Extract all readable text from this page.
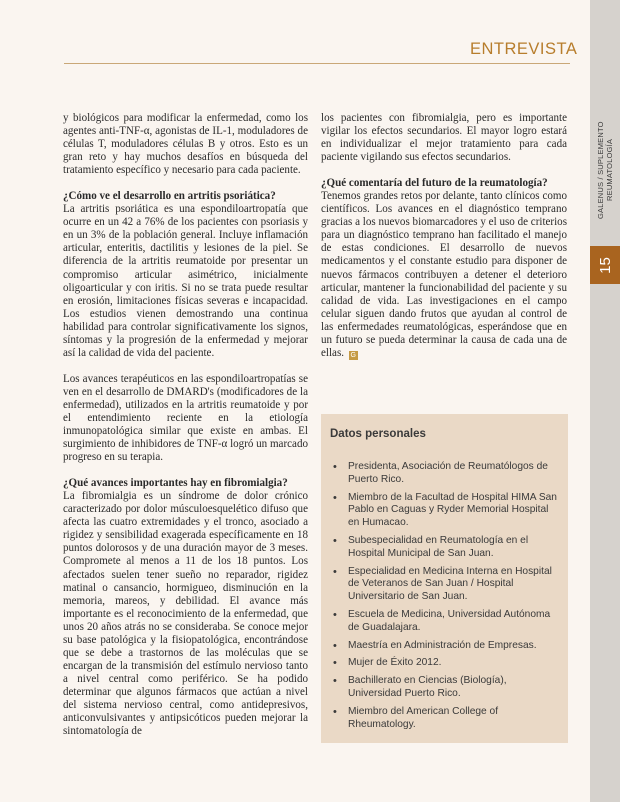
ENTREVISTA
GALENUS / SUPLEMENTO REUMATOLOGÍA
15

y biológicos para modificar la enfermedad, como los agentes anti-TNF-α, agonistas de IL-1, moduladores de células T, moduladores células B y otros. Esto es un gran reto y hay muchos desafíos en búsqueda del tratamiento específico y necesario para cada paciente.

¿Cómo ve el desarrollo en artritis psoriática?

La artritis psoriática es una espondiloartropatía que ocurre en un 42 a 76% de los pacientes con psoriasis y en un 3% de la población general. Incluye inflamación articular, enteritis, dactilitis y lesiones de la piel. Se diferencia de la artritis reumatoide por presentar un compromiso articular asimétrico, inicialmente oligoarticular y con iritis. Si no se trata puede resultar en erosión, limitaciones físicas severas e incapacidad. Los estudios vienen demostrando una continua habilidad para controlar significativamente los signos, síntomas y la progresión de la enfermedad y mejorar así la calidad de vida del paciente.

Los avances terapéuticos en las espondiloartropatías se ven en el desarrollo de DMARD's (modificadores de la enfermedad), utilizados en la artritis reumatoide y por el entendimiento reciente en la etiología inmunopatológica similar que existe en ambas. El surgimiento de inhibidores de TNF-α logró un marcado progreso en su terapia.

¿Qué avances importantes hay en fibromialgia?

La fibromialgia es un síndrome de dolor crónico caracterizado por dolor músculoesquelético difuso que afecta las cuatro extremidades y el tronco, asociado a rigidez y sensibilidad exagerada específicamente en 18 puntos dolorosos y de una duración mayor de 3 meses. Compromete al menos a 11 de los 18 puntos. Los afectados suelen tener sueño no reparador, rigidez matinal o cansancio, hormigueo, disminución en la memoria, mareos, y debilidad. El avance más importante es el reconocimiento de la enfermedad, que unos 20 años atrás no se consideraba. Se conoce mejor su base patológica y la fisiopatológica, encontrándose que se debe a trastornos de las moléculas que se encargan de la transmisión del estímulo nervioso tanto a nivel central como periférico. Se ha podido determinar que algunos fármacos que actúan a nivel del sistema nervioso central, como antidepresivos, anticonvulsivantes y antipsicóticos pueden mejorar la sintomatología de

los pacientes con fibromialgia, pero es importante vigilar los efectos secundarios. El mayor logro estará en individualizar el mejor tratamiento para cada paciente vigilando sus efectos secundarios.

¿Qué comentaría del futuro de la reumatología?

Tenemos grandes retos por delante, tanto clínicos como científicos. Los avances en el diagnóstico temprano gracias a los nuevos biomarcadores y el uso de criterios para un diagnóstico temprano han facilitado el manejo de estas condiciones. El desarrollo de nuevos medicamentos y el constante estudio para disponer de nuevos fármacos contribuyen a detener el deterioro articular, mantener la funcionabilidad del paciente y su calidad de vida. Las investigaciones en el campo celular siguen dando frutos que ayudan al control de las enfermedades reumatológicas, esperándose que en un futuro se pueda determinar la causa de cada una de ellas. G

Datos personales
• Presidenta, Asociación de Reumatólogos de Puerto Rico.
• Miembro de la Facultad de Hospital HIMA San Pablo en Caguas y Ryder Memorial Hospital en Humacao.
• Subespecialidad en Reumatología en el Hospital Municipal de San Juan.
• Especialidad en Medicina Interna en Hospital de Veteranos de San Juan / Hospital Universitario de San Juan.
• Escuela de Medicina, Universidad Autónoma de Guadalajara.
• Maestría en Administración de Empresas.
• Mujer de Éxito 2012.
• Bachillerato en Ciencias (Biología), Universidad Puerto Rico.
• Miembro del American College of Rheumatology.
